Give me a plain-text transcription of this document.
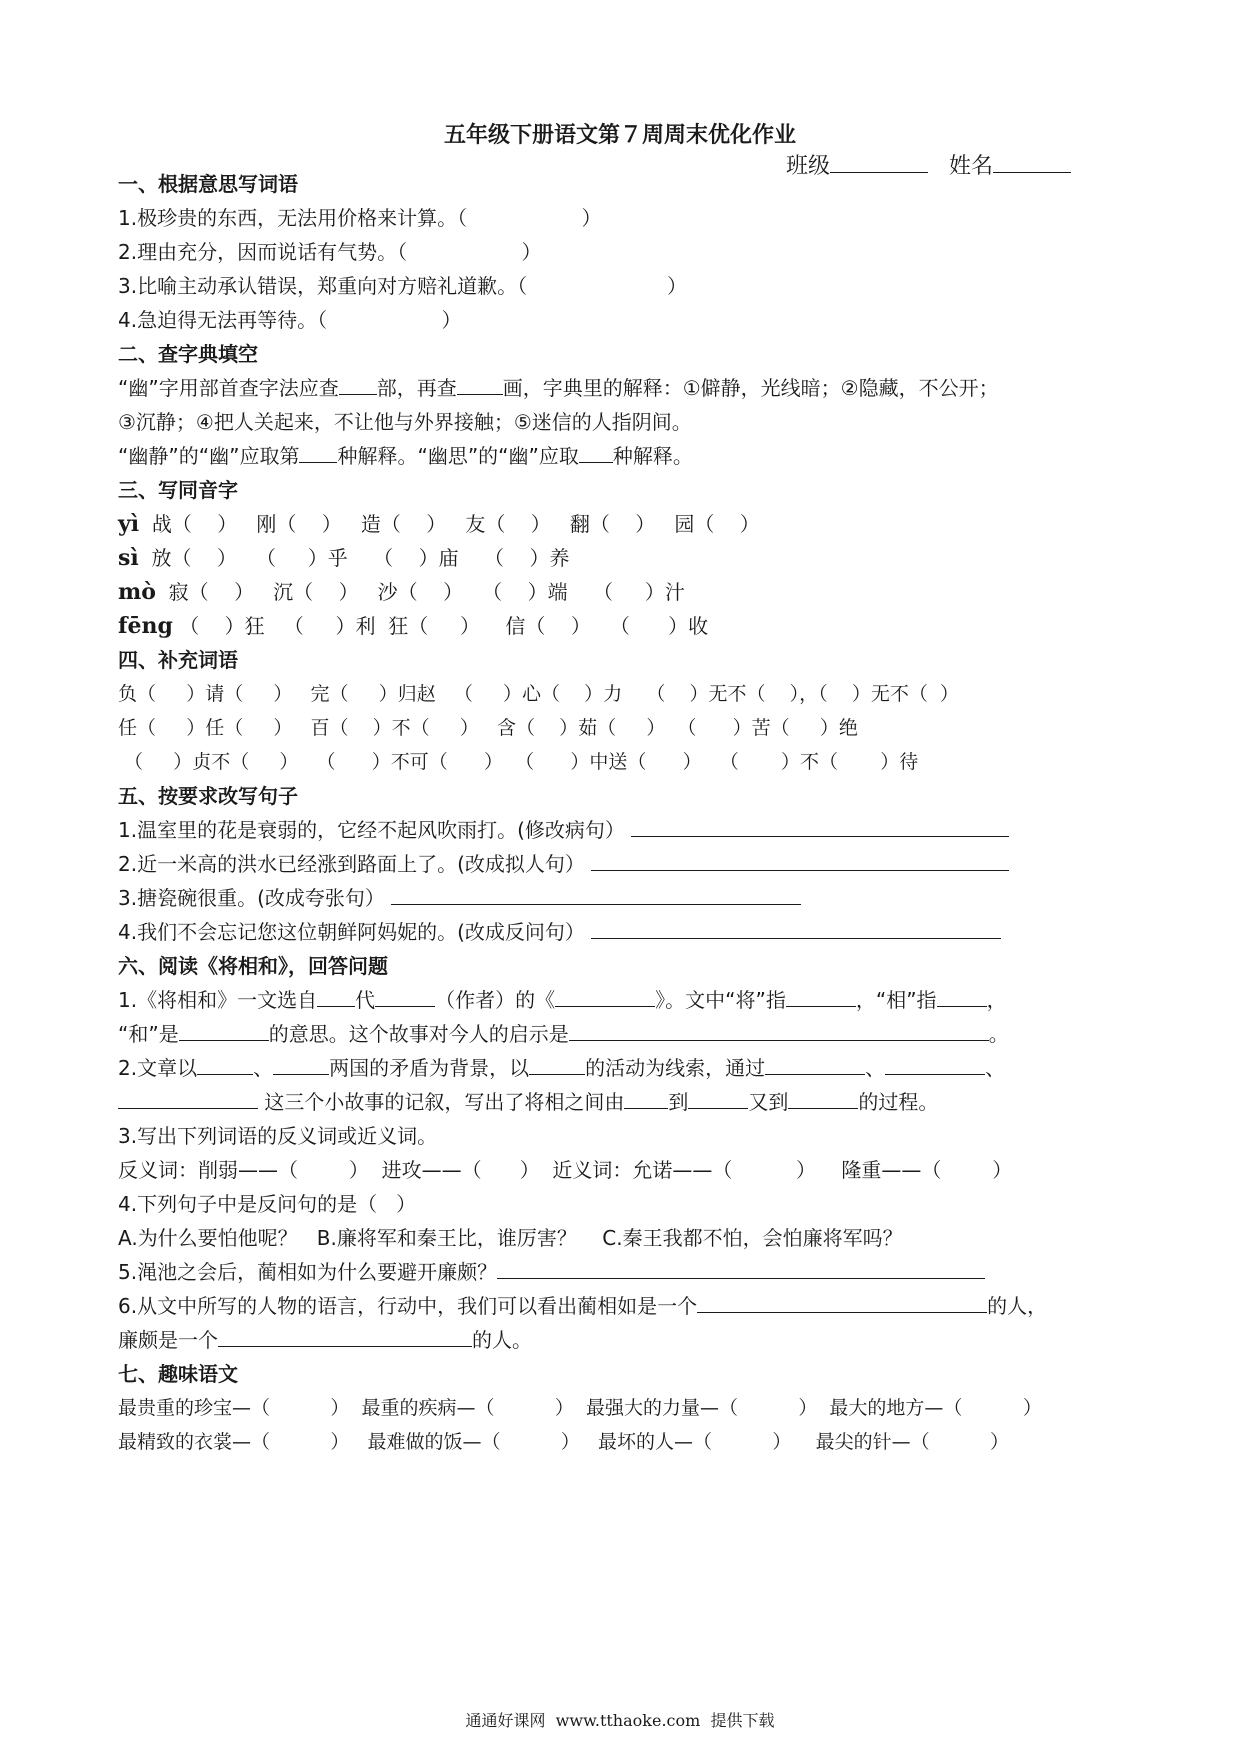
五年级下册语文第７周周末优化作业
班级	姓名
一、根据意思写词语
1.极珍贵的东西，无法用价格来计算。（                  ）
2.理由充分，因而说话有气势。（                  ）
3.比喻主动承认错误，郑重向对方赔礼道歉。（                      ）
4.急迫得无法再等待。（                  ）
二、查字典填空
“幽”字用部首查字法应查 部，再查 画，字典里的解释：①僻静，光线暗；②隐藏，不公开；
③沉静；④把人关起来，不让他与外界接触；⑤迷信的人指阴间。
“幽静”的“幽”应取第 种解释。“幽思”的“幽”应取 种解释。
三、写同音字
yì  战（    ）   刚（    ）   造（    ）   友（    ）   翻（    ）   园（    ）
sì  放（    ）   （     ）乎    （    ）庙    （    ）养
mò  寂（    ）   沉（    ）   沙（    ）   （    ）端    （     ）汁
fēng （    ）狂   （     ）利  狂（     ）    信（    ）   （      ）收
四、补充词语
负（     ）请（     ）   完（     ）归赵   （     ）心（    ）力    （    ）无不（    ），（    ）无不（  ）
任（     ）任（     ）   百（    ）不（     ）   含（    ）茹（     ）  （      ）苦（     ）绝
（     ）贞不（     ）   （      ）不可（      ）  （      ）中送（      ）   （       ）不（       ）待
五、按要求改写句子
1.温室里的花是衰弱的，它经不起风吹雨打。(修改病句）
2.近一米高的洪水已经涨到路面上了。(改成拟人句）
3.搪瓷碗很重。(改成夸张句）
4.我们不会忘记您这位朝鲜阿妈妮的。(改成反问句）
六、阅读《将相和》，回答问题
1.《将相和》一文选自 代	（作者）的《	》。文中“将”指	，“相”指	，
“和”是	的意思。这个故事对今人的启示是	。
2.文章以	、	两国的矛盾为背景，以	的活动为线索，通过	、	、
这三个小故事的记叙，写出了将相之间由 到	又到	的过程。
3.写出下列词语的反义词或近义词。
反义词：削弱——（        ）  进攻——（      ）  近义词：允诺——（          ）    隆重——（        ）
4.下列句子中是反问句的是（   ）
A.为什么要怕他呢？   B.廉将军和秦王比，谁厉害？    C.秦王我都不怕，会怕廉将军吗？
5.渑池之会后，蔺相如为什么要避开廉颇？
6.从文中所写的人物的语言，行动中，我们可以看出蔺相如是一个	的人，
廉颇是一个	的人。
七、趣味语文
最贵重的珍宝—（          ）  最重的疾病—（          ）  最强大的力量—（          ）  最大的地方—（          ）
最精致的衣裳—（          ）   最难做的饭—（          ）   最坏的人—（          ）    最尖的针—（          ）
通通好课网  www.tthaoke.com  提供下载
